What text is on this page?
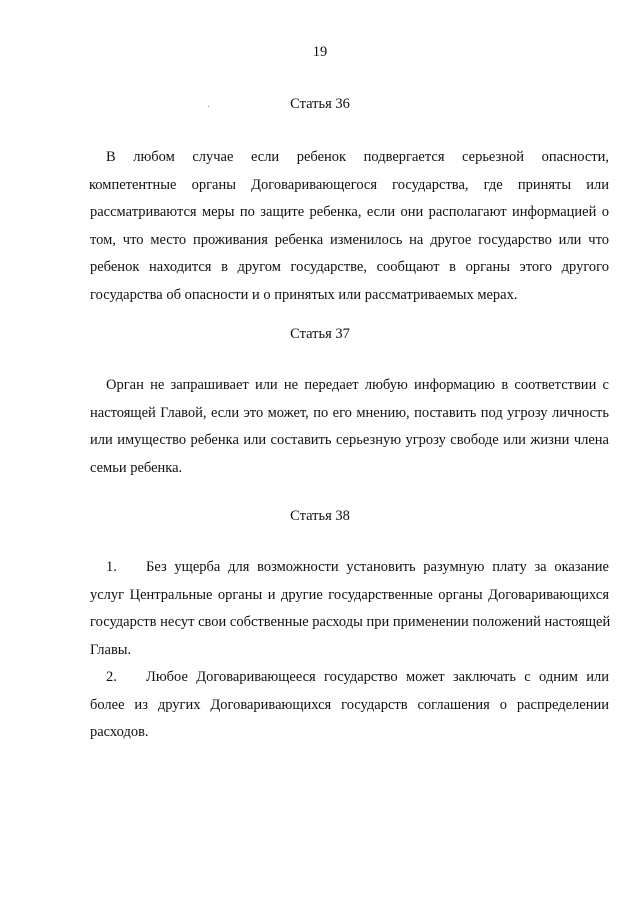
19
Статья 36
В любом случае если ребенок подвергается серьезной опасности,
компетентные органы Договаривающегося государства, где приняты или
рассматриваются меры по защите ребенка, если они располагают информацией о
том, что место проживания ребенка изменилось на другое государство или что
ребенок находится в другом государстве, сообщают в органы этого другого
государства об опасности и о принятых или рассматриваемых мерах.
Статья 37
Орган не запрашивает или не передает любую информацию в соответствии с
настоящей Главой, если это может, по его мнению, поставить под угрозу личность
или имущество ребенка или составить серьезную угрозу свободе или жизни члена
семьи ребенка.
Статья 38
1. Без ущерба для возможности установить разумную плату за оказание
услуг Центральные органы и другие государственные органы Договаривающихся
государств несут свои собственные расходы при применении положений настоящей
Главы.
2. Любое Договаривающееся государство может заключать с одним или
более из других Договаривающихся государств соглашения о распределении
расходов.
